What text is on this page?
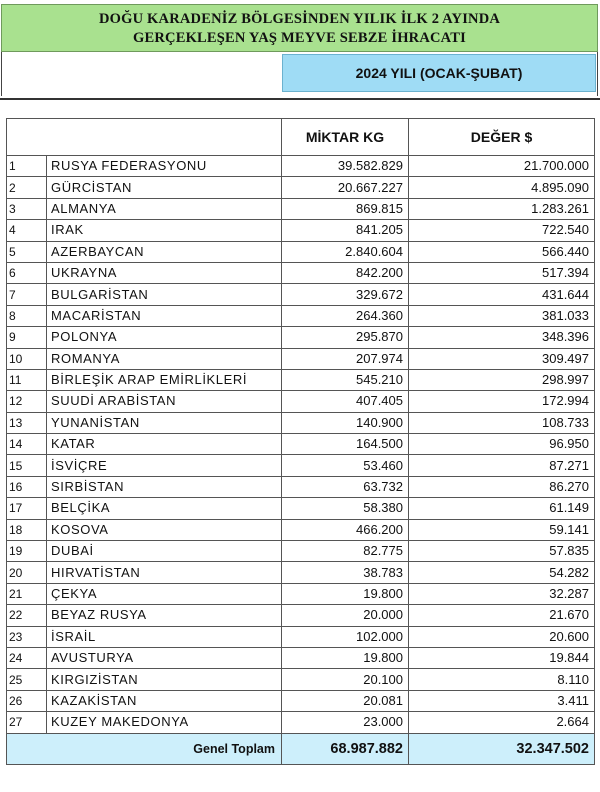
DOĞU KARADENİZ BÖLGESİNDEN YILIK İLK 2 AYINDA
GERÇEKLEŞEN YAŞ MEYVE SEBZE İHRACATI
2024 YILI (OCAK-ŞUBAT)
		MİKTAR KG	DEĞER $
1	RUSYA FEDERASYONU	39.582.829	21.700.000
2	GÜRCİSTAN	20.667.227	4.895.090
3	ALMANYA	869.815	1.283.261
4	IRAK	841.205	722.540
5	AZERBAYCAN	2.840.604	566.440
6	UKRAYNA	842.200	517.394
7	BULGARİSTAN	329.672	431.644
8	MACARİSTAN	264.360	381.033
9	POLONYA	295.870	348.396
10	ROMANYA	207.974	309.497
11	BİRLEŞİK ARAP EMİRLİKLERİ	545.210	298.997
12	SUUDİ ARABİSTAN	407.405	172.994
13	YUNANİSTAN	140.900	108.733
14	KATAR	164.500	96.950
15	İSVİÇRE	53.460	87.271
16	SIRBİSTAN	63.732	86.270
17	BELÇİKA	58.380	61.149
18	KOSOVA	466.200	59.141
19	DUBAİ	82.775	57.835
20	HIRVATİSTAN	38.783	54.282
21	ÇEKYA	19.800	32.287
22	BEYAZ RUSYA	20.000	21.670
23	İSRAİL	102.000	20.600
24	AVUSTURYA	19.800	19.844
25	KIRGIZİSTAN	20.100	8.110
26	KAZAKİSTAN	20.081	3.411
27	KUZEY MAKEDONYA	23.000	2.664
Genel Toplam		68.987.882	32.347.502
